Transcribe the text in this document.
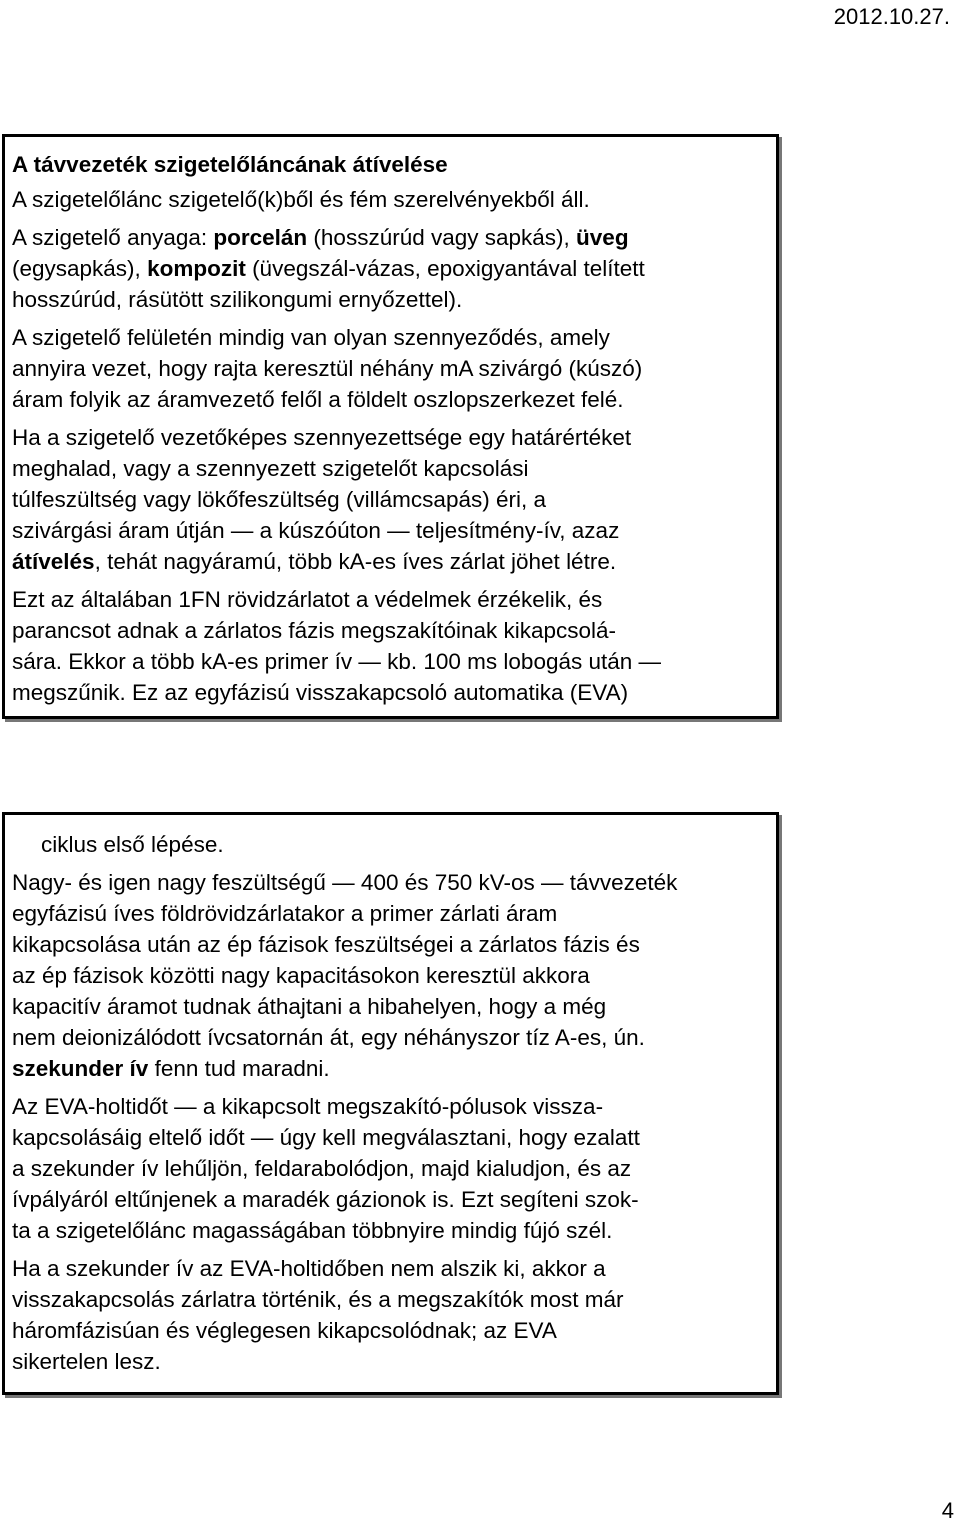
2012.10.27.
A távvezeték szigetelőláncának átívelése
A szigetelőlánc szigetelő(k)ből és fém szerelvényekből áll.
A szigetelő anyaga: porcelán (hosszúrúd vagy sapkás), üveg
(egysapkás), kompozit (üvegszál-vázas, epoxigyantával telített
hosszúrúd, rásütött szilikongumi ernyőzettel).
A szigetelő felületén mindig van olyan szennyeződés, amely
annyira vezet, hogy rajta keresztül néhány mA szivárgó (kúszó)
áram folyik az áramvezető felől a földelt oszlopszerkezet felé.
Ha a szigetelő vezetőképes szennyezettsége egy határértéket
meghalad, vagy a szennyezett szigetelőt kapcsolási
túlfeszültség vagy lökőfeszültség (villámcsapás) éri, a
szivárgási áram útján — a kúszóúton — teljesítmény-ív, azaz
átívelés, tehát nagyáramú, több kA-es íves zárlat jöhet létre.
Ezt az általában 1FN rövidzárlatot a védelmek érzékelik, és
parancsot adnak a zárlatos fázis megszakítóinak kikapcsolá-
sára. Ekkor a több kA-es primer ív — kb. 100 ms lobogás után —
megszűnik. Ez az egyfázisú visszakapcsoló automatika (EVA)
ciklus első lépése.
Nagy- és igen nagy feszültségű — 400 és 750 kV-os — távvezeték
egyfázisú íves földrövidzárlatakor a primer zárlati áram
kikapcsolása után az ép fázisok feszültségei a zárlatos fázis és
az ép fázisok közötti nagy kapacitásokon keresztül akkora
kapacitív áramot tudnak áthajtani a hibahelyen, hogy a még
nem deionizálódott ívcsatornán át, egy néhányszor tíz A-es, ún.
szekunder ív fenn tud maradni.
Az EVA-holtidőt — a kikapcsolt megszakító-pólusok vissza-
kapcsolásáig eltelő időt — úgy kell megválasztani, hogy ezalatt
a szekunder ív lehűljön, feldarabolódjon, majd kialudjon, és az
ívpályáról eltűnjenek a maradék gázionok is. Ezt segíteni szok-
ta a szigetelőlánc magasságában többnyire mindig fújó szél.
Ha a szekunder ív az EVA-holtidőben nem alszik ki, akkor a
visszakapcsolás zárlatra történik, és a megszakítók most már
háromfázisúan és véglegesen kikapcsolódnak; az EVA
sikertelen lesz.
4
